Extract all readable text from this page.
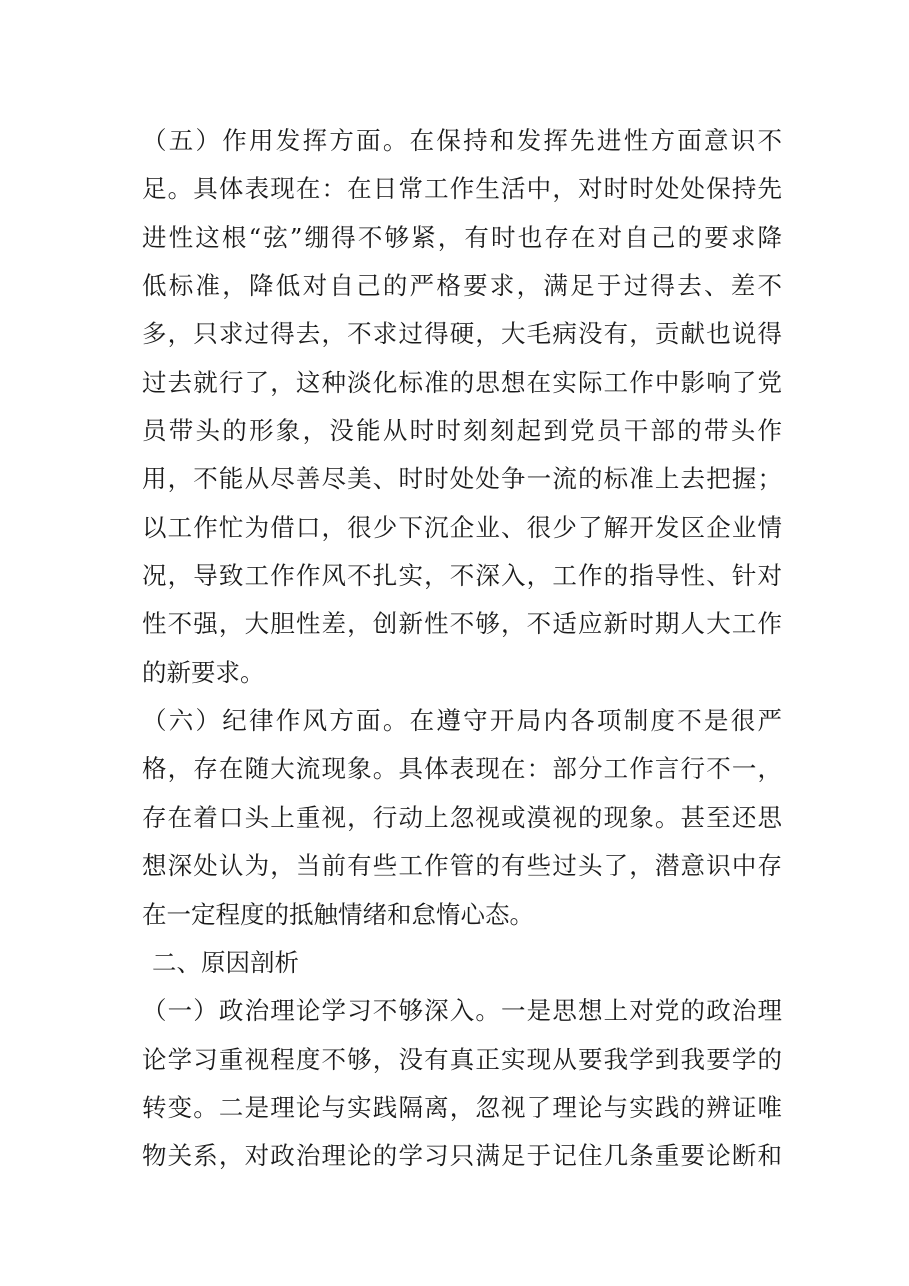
（五）作用发挥方面。在保持和发挥先进性方面意识不
足。具体表现在：在日常工作生活中，对时时处处保持先
进性这根“弦”绷得不够紧，有时也存在对自己的要求降
低标准，降低对自己的严格要求，满足于过得去、差不
多，只求过得去，不求过得硬，大毛病没有，贡献也说得
过去就行了，这种淡化标准的思想在实际工作中影响了党
员带头的形象，没能从时时刻刻起到党员干部的带头作
用，不能从尽善尽美、时时处处争一流的标准上去把握；
以工作忙为借口，很少下沉企业、很少了解开发区企业情
况，导致工作作风不扎实，不深入，工作的指导性、针对
性不强，大胆性差，创新性不够，不适应新时期人大工作
的新要求。
（六）纪律作风方面。在遵守开局内各项制度不是很严
格，存在随大流现象。具体表现在：部分工作言行不一，
存在着口头上重视，行动上忽视或漠视的现象。甚至还思
想深处认为，当前有些工作管的有些过头了，潜意识中存
在一定程度的抵触情绪和怠惰心态。
二、原因剖析
（一）政治理论学习不够深入。一是思想上对党的政治理
论学习重视程度不够，没有真正实现从要我学到我要学的
转变。二是理论与实践隔离，忽视了理论与实践的辨证唯
物关系，对政治理论的学习只满足于记住几条重要论断和
